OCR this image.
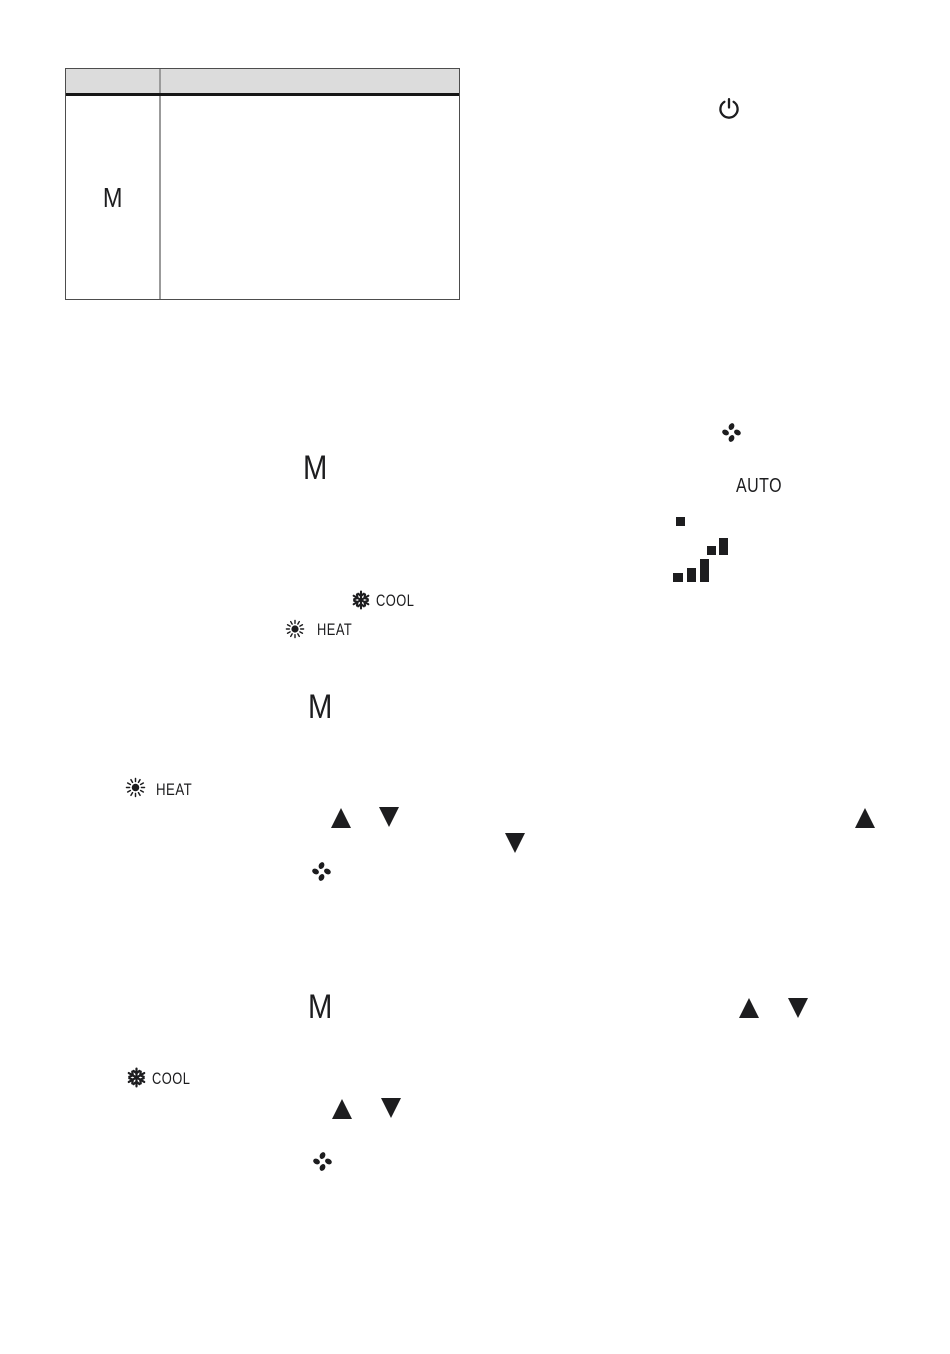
M
AUTO
M
COOL
HEAT
M
HEAT
M
COOL
